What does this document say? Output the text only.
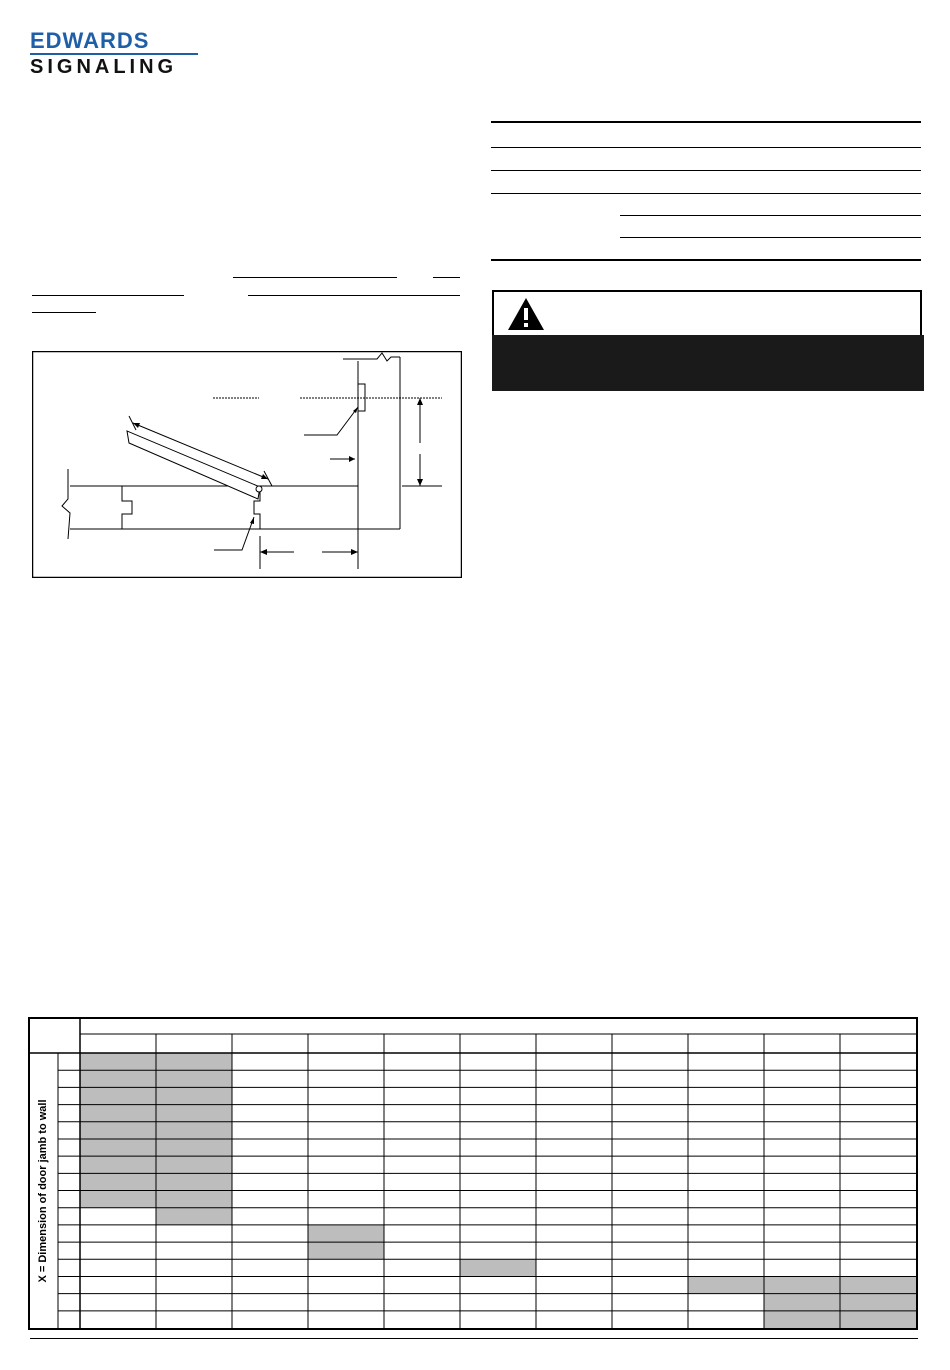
EDWARDS
SIGNALING
X = Dimension of door jamb to wall
